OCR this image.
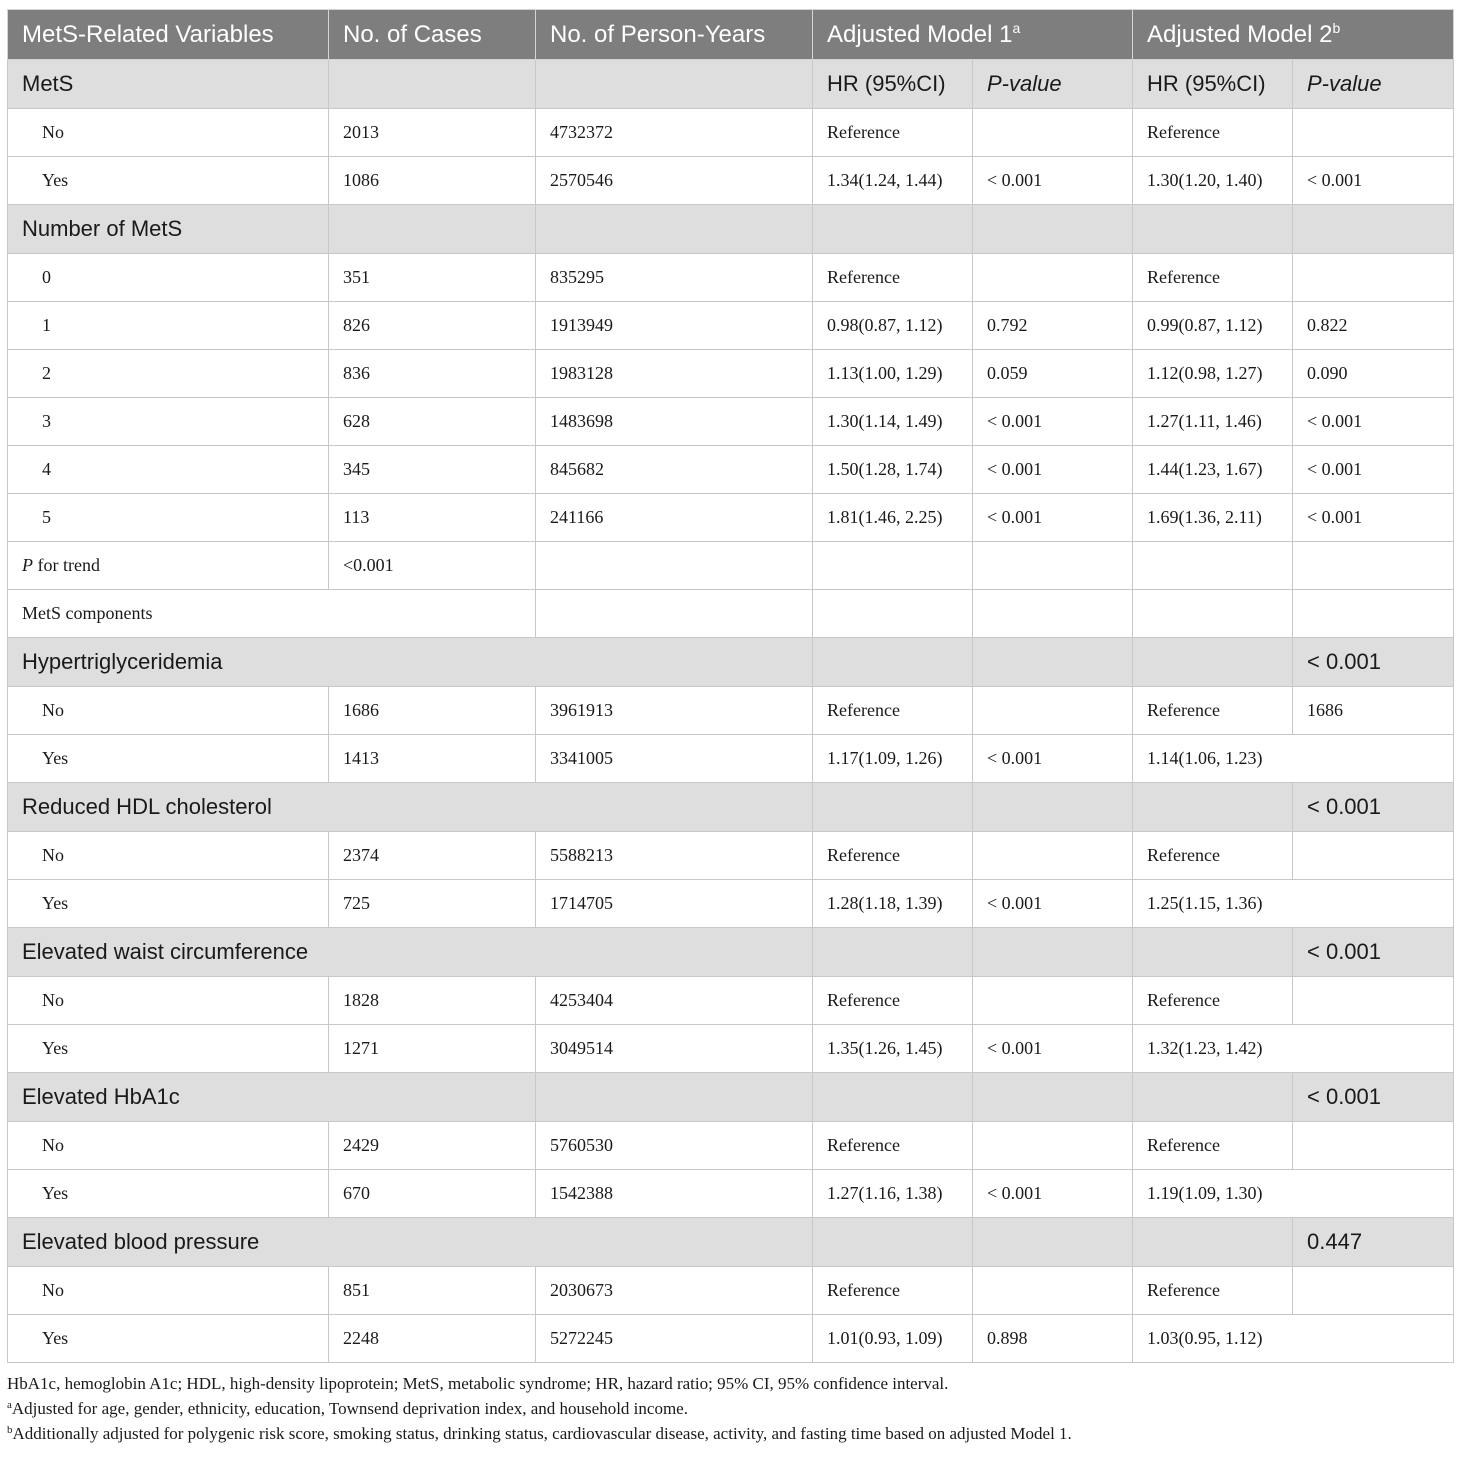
MetS-Related Variables	No. of Cases	No. of Person-Years	Adjusted Model 1$^a$		Adjusted Model 2$^b$
MetS			HR (95%CI)	P-value	HR (95%CI)	P-value
No	2013	4732372	Reference		Reference	
Yes	1086	2570546	1.34(1.24, 1.44)	< 0.001	1.30(1.20, 1.40)	< 0.001
Number of MetS						
0	351	835295	Reference		Reference	
1	826	1913949	0.98(0.87, 1.12)	0.792	0.99(0.87, 1.12)	0.822
2	836	1983128	1.13(1.00, 1.29)	0.059	1.12(0.98, 1.27)	0.090
3	628	1483698	1.30(1.14, 1.49)	< 0.001	1.27(1.11, 1.46)	< 0.001
4	345	845682	1.50(1.28, 1.74)	< 0.001	1.44(1.23, 1.67)	< 0.001
5	113	241166	1.81(1.46, 2.25)	< 0.001	1.69(1.36, 2.11)	< 0.001
P for trend	<0.001					
MetS components						
Hypertriglyceridemia						< 0.001
No	1686	3961913	Reference		Reference	1686
Yes	1413	3341005	1.17(1.09, 1.26)	< 0.001	1.14(1.06, 1.23)	
Reduced HDL cholesterol						< 0.001
No	2374	5588213	Reference		Reference	
Yes	725	1714705	1.28(1.18, 1.39)	< 0.001	1.25(1.15, 1.36)	
Elevated waist circumference						< 0.001
No	1828	4253404	Reference		Reference	
Yes	1271	3049514	1.35(1.26, 1.45)	< 0.001	1.32(1.23, 1.42)	
Elevated HbA1c						< 0.001
No	2429	5760530	Reference		Reference	
Yes	670	1542388	1.27(1.16, 1.38)	< 0.001	1.19(1.09, 1.30)	
Elevated blood pressure						0.447
No	851	2030673	Reference		Reference	
Yes	2248	5272245	1.01(0.93, 1.09)	0.898	1.03(0.95, 1.12)	
HbA1c, hemoglobin A1c; HDL, high-density lipoprotein; MetS, metabolic syndrome; HR, hazard ratio; 95% CI, 95% confidence interval.
$^a$Adjusted for age, gender, ethnicity, education, Townsend deprivation index, and household income.
$^b$Additionally adjusted for polygenic risk score, smoking status, drinking status, cardiovascular disease, activity, and fasting time based on adjusted Model 1.
